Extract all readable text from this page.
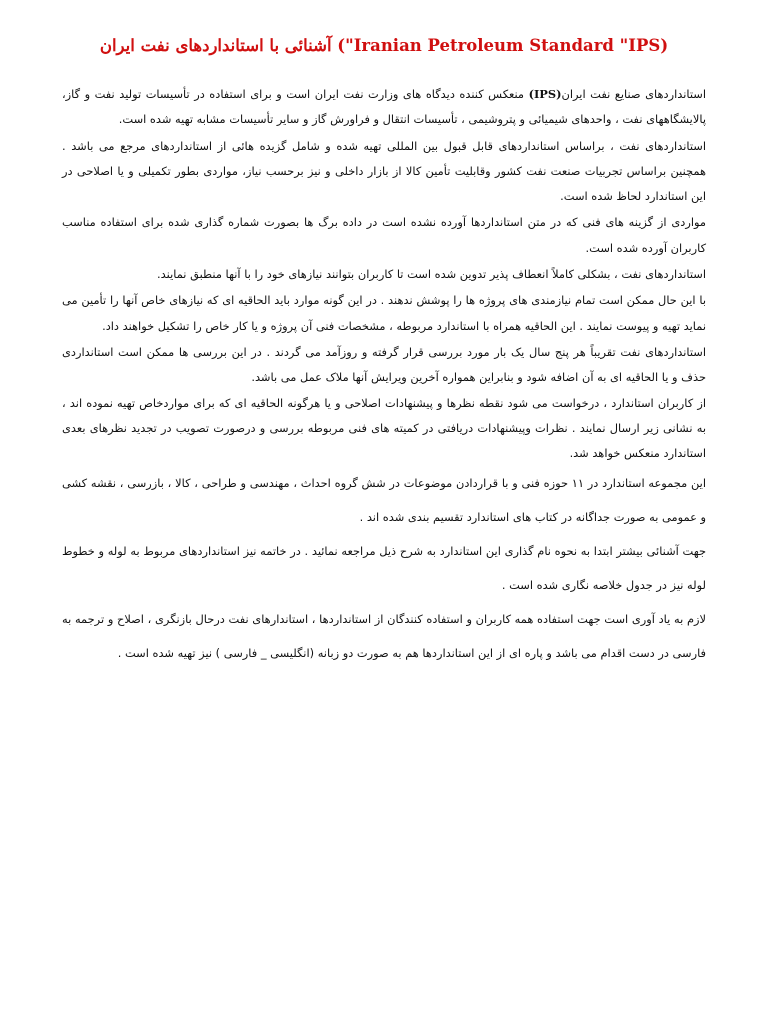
آشنائی با استانداردهای نفت ایران ("Iranian Petroleum Standard "IPS)

استانداردهای صنایع نفت ایران(IPS) منعکس کننده دیدگاه های وزارت نفت ایران است و برای استفاده در تأسیسات تولید نفت و گاز، پالایشگاههای نفت ، واحدهای شیمیائی و پتروشیمی ، تأسیسات انتقال و فراورش گاز و سایر تأسیسات مشابه تهیه شده است.

استانداردهای نفت ، براساس استانداردهای قابل قبول بین المللی تهیه شده و شامل گزیده هائی از استانداردهای مرجع می باشد . همچنین براساس تجربیات صنعت نفت کشور وقابلیت تأمین کالا از بازار داخلی و نیز برحسب نیاز، مواردی بطور تکمیلی و یا اصلاحی در این استاندارد لحاظ شده است.

مواردی از گزینه های فنی که در متن استانداردها آورده نشده است در داده برگ ها بصورت شماره گذاری شده برای استفاده مناسب کاربران آورده شده است.

استانداردهای نفت ، بشکلی کاملاً انعطاف پذیر تدوین شده است تا کاربران بتوانند نیازهای خود را با آنها منطبق نمایند.

با این حال ممکن است تمام نیازمندی های پروژه ها را پوشش ندهند . در این گونه موارد باید الحاقیه ای که نیازهای خاص آنها را تأمین می نماید تهیه و پیوست نمایند . این الحاقیه همراه با استاندارد مربوطه ، مشخصات فنی آن پروژه و یا کار خاص را تشکیل خواهند داد.

استانداردهای نفت تقریباً هر پنج سال یک بار مورد بررسی قرار گرفته و روزآمد می گردند . در این بررسی ها ممکن است استانداردی حذف و یا الحاقیه ای به آن اضافه شود و بنابراین همواره آخرین ویرایش آنها ملاک عمل می باشد.

از کاربران استاندارد ، درخواست می شود نقطه نظرها و پیشنهادات اصلاحی و یا هرگونه الحاقیه ای که برای مواردخاص تهیه نموده اند ، به نشانی زیر ارسال نمایند . نظرات وپیشنهادات دریافتی در کمیته های فنی مربوطه بررسی و درصورت تصویب در تجدید نظرهای بعدی استاندارد منعکس خواهد شد.

این مجموعه استاندارد در ۱۱ حوزه فنی و با قراردادن موضوعات در شش گروه احداث ، مهندسی و طراحی ، کالا ، بازرسی ، نقشه کشی و عمومی به صورت جداگانه در کتاب های استاندارد تقسیم بندی شده اند .

جهت آشنائی بیشتر ابتدا به نحوه نام گذاری این استاندارد به شرح ذیل مراجعه نمائید . در خاتمه نیز استانداردهای مربوط به لوله و خطوط لوله نیز در جدول خلاصه نگاری شده است .

لازم به یاد آوری است جهت استفاده همه کاربران و استفاده کنندگان از استانداردها ، استاندارهای نفت درحال بازنگری ، اصلاح و ترجمه به فارسی در دست اقدام می باشد و پاره ای از این استانداردها هم به صورت دو زبانه (انگلیسی _ فارسی ) نیز تهیه شده است .
